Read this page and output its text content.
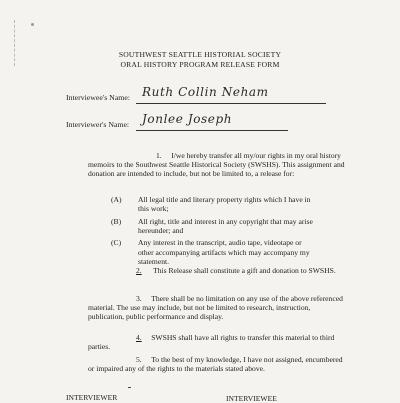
SOUTHWEST SEATTLE HISTORIAL SOCIETY
ORAL HISTORY PROGRAM RELEASE FORM
Interviewee's Name: Ruth Collin Neham
Interviewer's Name: Jonlee Joseph
1. I/we hereby transfer all my/our rights in my oral history memoirs to the Southwest Seattle Historical Society (SWSHS). This assignment and donation are intended to include, but not be limited to, a release for:
(A) All legal title and literary property rights which I have in this work;
(B) All right, title and interest in any copyright that may arise hereunder; and
(C) Any interest in the transcript, audio tape, videotape or other accompanying artifacts which may accompany my statement.
2. This Release shall constitute a gift and donation to SWSHS.
3. There shall be no limitation on any use of the above referenced material. The use may include, but not be limited to research, instruction, publication, public performance and display.
4. SWSHS shall have all rights to transfer this material to third parties.
5. To the best of my knowledge, I have not assigned, encumbered or impaired any of the rights to the materials stated above.
INTERVIEWER	INTERVIEWEE
